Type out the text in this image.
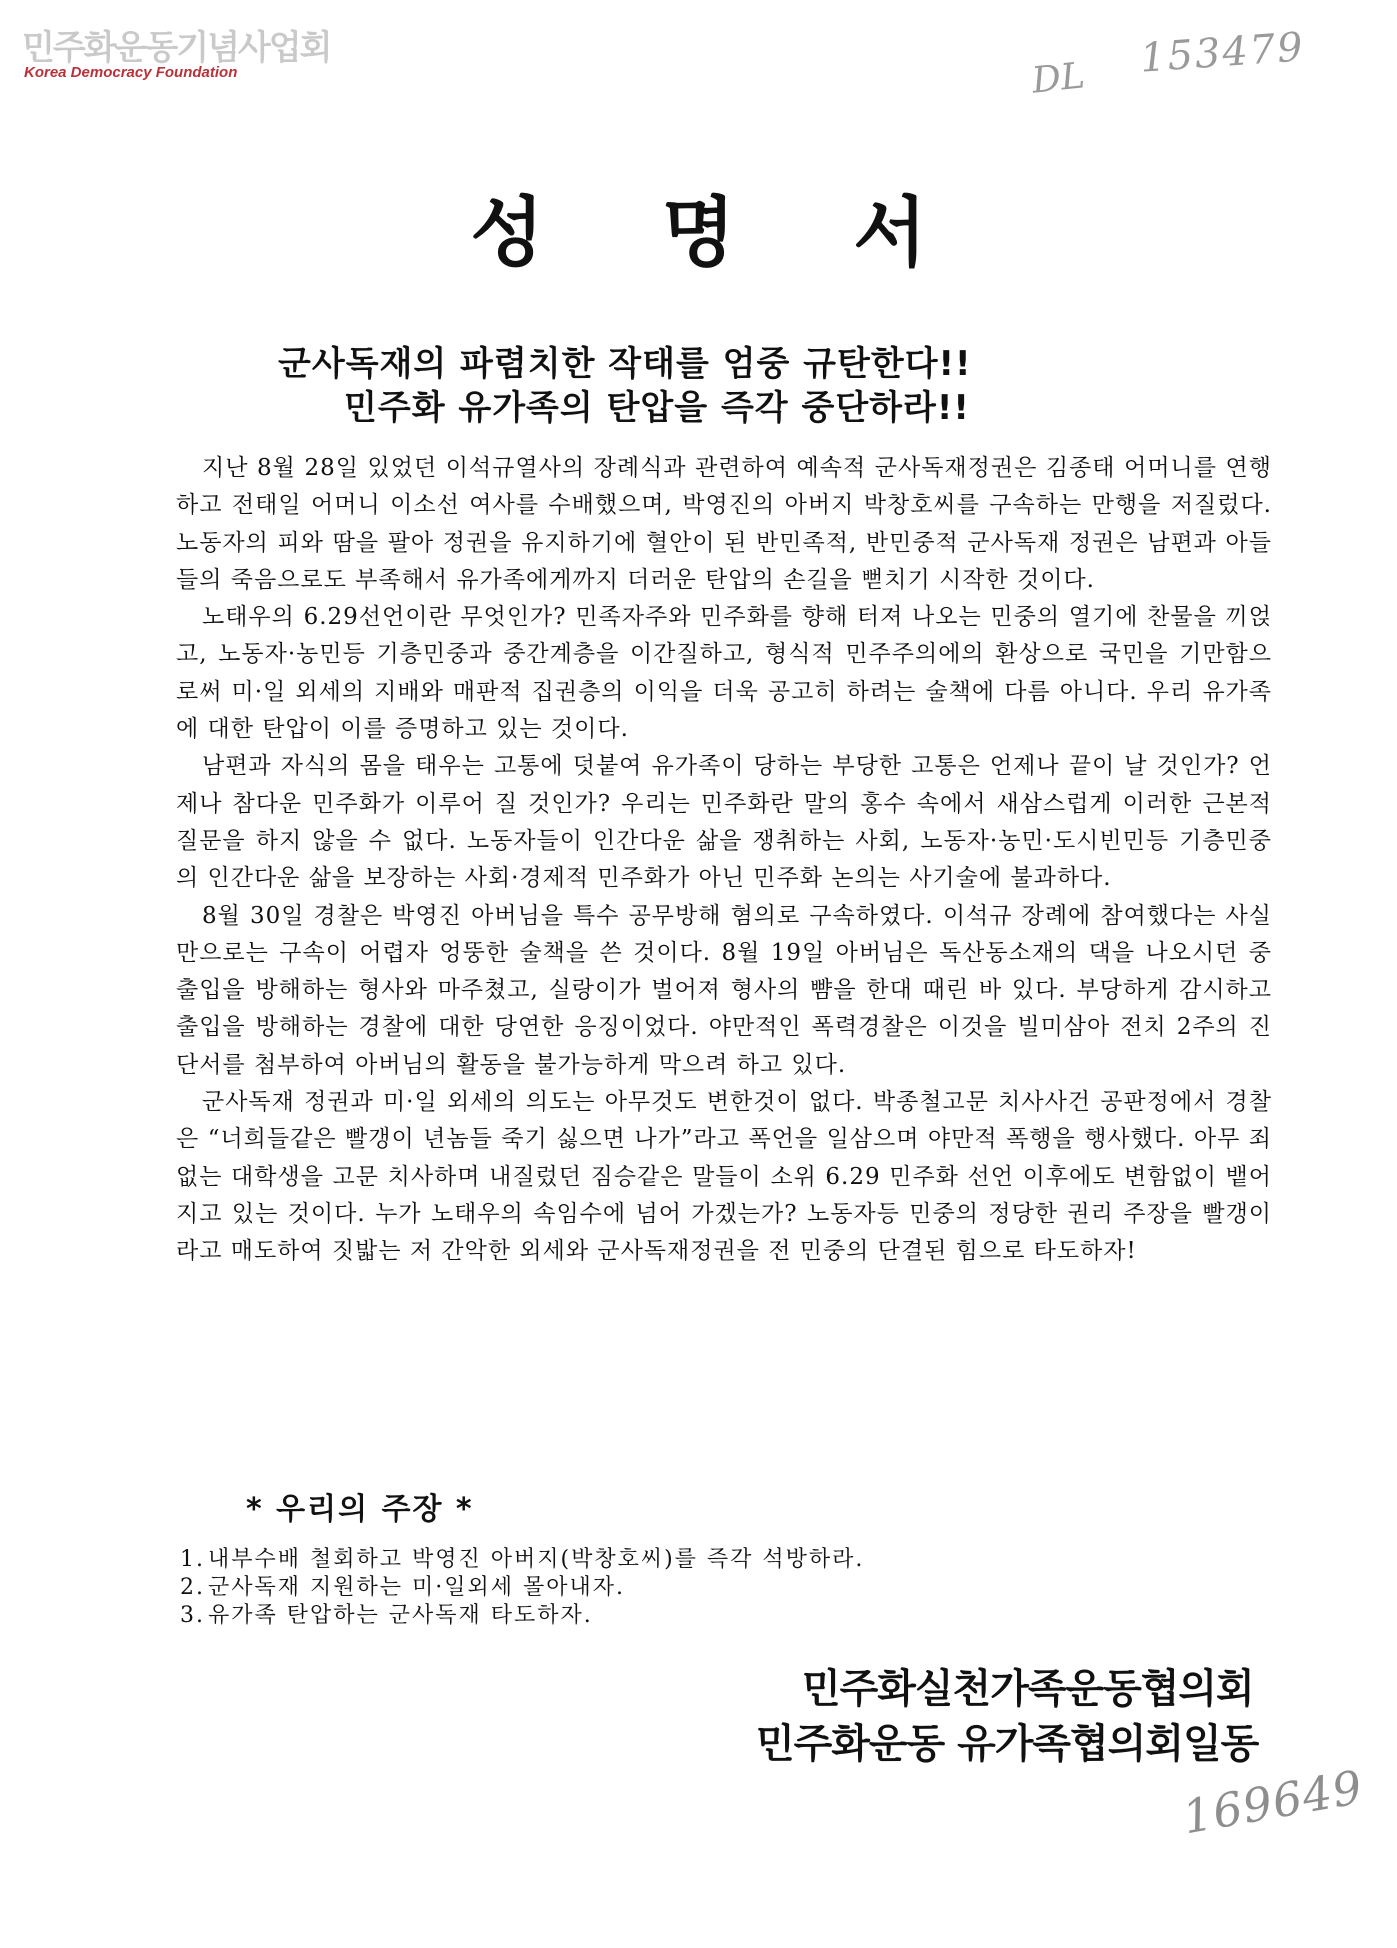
민주화운동기념사업회
Korea Democracy Foundation	DL 153479
성명서
군사독재의 파렴치한 작태를 엄중 규탄한다!!
민주화 유가족의 탄압을 즉각 중단하라!!

지난 8월 28일 있었던 이석규열사의 장례식과 관련하여 예속적 군사독재정권은 김종태 어머니를 연행하고 전태일 어머니 이소선 여사를 수배했으며, 박영진의 아버지 박창호씨를 구속하는 만행을 저질렀다. 노동자의 피와 땀을 팔아 정권을 유지하기에 혈안이 된 반민족적, 반민중적 군사독재 정권은 남편과 아들들의 죽음으로도 부족해서 유가족에게까지 더러운 탄압의 손길을 뻗치기 시작한 것이다.

노태우의 6.29선언이란 무엇인가? 민족자주와 민주화를 향해 터져 나오는 민중의 열기에 찬물을 끼얹고, 노동자·농민등 기층민중과 중간계층을 이간질하고, 형식적 민주주의에의 환상으로 국민을 기만함으로써 미·일 외세의 지배와 매판적 집권층의 이익을 더욱 공고히 하려는 술책에 다름 아니다. 우리 유가족에 대한 탄압이 이를 증명하고 있는 것이다.

남편과 자식의 몸을 태우는 고통에 덧붙여 유가족이 당하는 부당한 고통은 언제나 끝이 날 것인가? 언제나 참다운 민주화가 이루어 질 것인가? 우리는 민주화란 말의 홍수 속에서 새삼스럽게 이러한 근본적 질문을 하지 않을 수 없다. 노동자들이 인간다운 삶을 쟁취하는 사회, 노동자·농민·도시빈민등 기층민중의 인간다운 삶을 보장하는 사회·경제적 민주화가 아닌 민주화 논의는 사기술에 불과하다.

8월 30일 경찰은 박영진 아버님을 특수 공무방해 혐의로 구속하였다. 이석규 장례에 참여했다는 사실만으로는 구속이 어렵자 엉뚱한 술책을 쓴 것이다. 8월 19일 아버님은 독산동소재의 댁을 나오시던 중 출입을 방해하는 형사와 마주쳤고, 실랑이가 벌어져 형사의 뺨을 한대 때린 바 있다. 부당하게 감시하고 출입을 방해하는 경찰에 대한 당연한 응징이었다. 야만적인 폭력경찰은 이것을 빌미삼아 전치 2주의 진단서를 첨부하여 아버님의 활동을 불가능하게 막으려 하고 있다.

군사독재 정권과 미·일 외세의 의도는 아무것도 변한것이 없다. 박종철고문 치사사건 공판정에서 경찰은 “너희들같은 빨갱이 년놈들 죽기 싫으면 나가”라고 폭언을 일삼으며 야만적 폭행을 행사했다. 아무 죄 없는 대학생을 고문 치사하며 내질렀던 짐승같은 말들이 소위 6.29 민주화 선언 이후에도 변함없이 뱉어지고 있는 것이다. 누가 노태우의 속임수에 넘어 가겠는가? 노동자등 민중의 정당한 권리 주장을 빨갱이라고 매도하여 짓밟는 저 간악한 외세와 군사독재정권을 전 민중의 단결된 힘으로 타도하자!

* 우리의 주장 *
1. 내부수배 철회하고 박영진 아버지(박창호씨)를 즉각 석방하라.
2. 군사독재 지원하는 미·일외세 몰아내자.
3. 유가족 탄압하는 군사독재 타도하자.
민주화실천가족운동협의회
민주화운동 유가족협의회일동
169649
